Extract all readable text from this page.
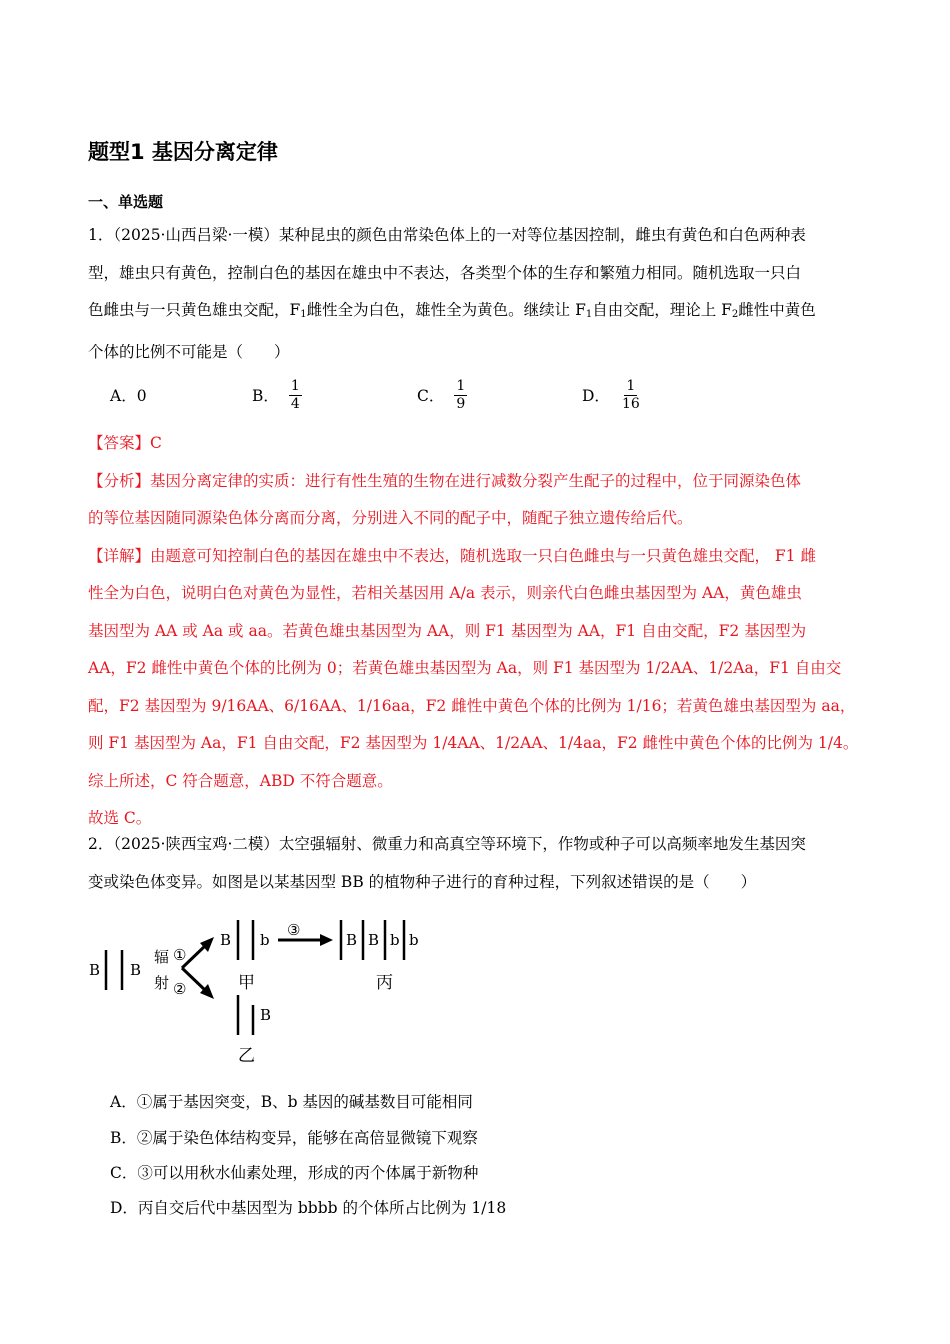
题型1 基因分离定律
一、单选题
1．（2025·山西吕梁·一模）某种昆虫的颜色由常染色体上的一对等位基因控制，雌虫有黄色和白色两种表
型，雄虫只有黄色，控制白色的基因在雄虫中不表达，各类型个体的生存和繁殖力相同。随机选取一只白
色雌虫与一只黄色雄虫交配，$F_1$雌性全为白色，雄性全为黄色。继续让 $F_1$自由交配，理论上 $F_2$雌性中黄色
个体的比例不可能是（　　）
A．0	B． $\frac{1}{4}$	C． $\frac{1}{9}$	D． $\frac{1}{16}$
【答案】C
【分析】基因分离定律的实质：进行有性生殖的生物在进行减数分裂产生配子的过程中，位于同源染色体
的等位基因随同源染色体分离而分离，分别进入不同的配子中，随配子独立遗传给后代。
【详解】由题意可知控制白色的基因在雄虫中不表达，随机选取一只白色雌虫与一只黄色雄虫交配， F1 雌
性全为白色，说明白色对黄色为显性，若相关基因用 A/a 表示，则亲代白色雌虫基因型为 AA，黄色雄虫
基因型为 AA 或 Aa 或 aa。若黄色雄虫基因型为 AA，则 F1 基因型为 AA，F1 自由交配，F2 基因型为
AA，F2 雌性中黄色个体的比例为 0；若黄色雄虫基因型为 Aa，则 F1 基因型为 1/2AA、1/2Aa，F1 自由交
配，F2 基因型为 9/16AA、6/16AA、1/16aa，F2 雌性中黄色个体的比例为 1/16；若黄色雄虫基因型为 aa，
则 F1 基因型为 Aa，F1 自由交配，F2 基因型为 1/4AA、1/2AA、1/4aa，F2 雌性中黄色个体的比例为 1/4。
综上所述，C 符合题意，ABD 不符合题意。
故选 C。
2．（2025·陕西宝鸡·二模）太空强辐射、微重力和高真空等环境下，作物或种子可以高频率地发生基因突
变或染色体变异。如图是以某基因型 BB 的植物种子进行的育种过程，下列叙述错误的是（　　）
B B
辐
射
①
②
B b
甲
③
B B b b
丙
B
乙
A．①属于基因突变，B、b 基因的碱基数目可能相同
B．②属于染色体结构变异，能够在高倍显微镜下观察
C．③可以用秋水仙素处理，形成的丙个体属于新物种
D．丙自交后代中基因型为 bbbb 的个体所占比例为 1/18
